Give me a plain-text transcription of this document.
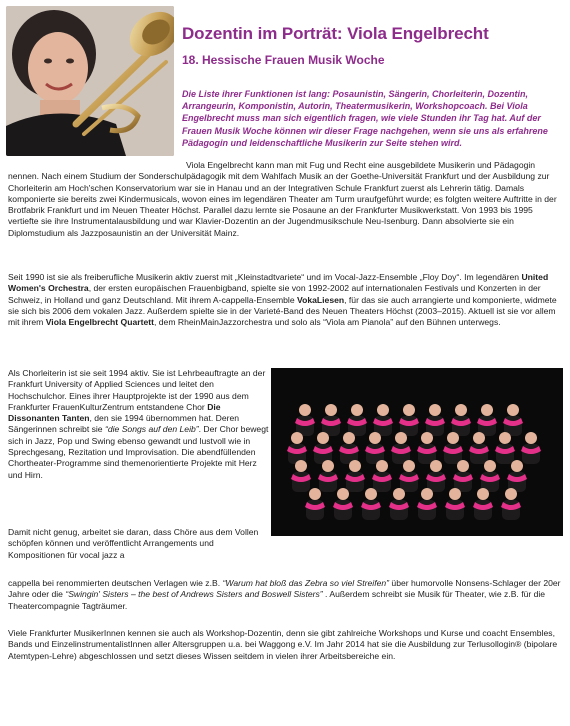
Dozentin im Porträt: Viola Engelbrecht
18. Hessische Frauen Musik Woche

Die Liste ihrer Funktionen ist lang: Posaunistin, Sängerin, Chorleiterin, Dozentin, Arrangeurin, Komponistin, Autorin, Theatermusikerin, Workshopcoach. Bei Viola Engelbrecht muss man sich eigentlich fragen, wie viele Stunden ihr Tag hat. Auf der Frauen Musik Woche können wir dieser Frage nachgehen, wenn sie uns als erfahrene Pädagogin und leidenschaftliche Musikerin zur Seite stehen wird.

Viola Engelbrecht kann man mit Fug und Recht eine ausgebildete Musikerin und Pädagogin nennen. Nach einem Studium der Sonderschulpädagogik mit dem Wahlfach Musik an der Goethe-Universität Frankfurt und der Ausbildung zur Chorleiterin am Hoch'schen Konservatorium war sie in Hanau und an der Integrativen Schule Frankfurt zuerst als Lehrerin tätig. Damals komponierte sie bereits zwei Kindermusicals, wovon eines im legendären Theater am Turm uraufgeführt wurde; es folgten weitere Auftritte in der Brotfabrik Frankfurt und im Neuen Theater Höchst. Parallel dazu lernte sie Posaune an der Frankfurter Musikwerkstatt. Von 1993 bis 1995 vertiefte sie ihre Instrumentalausbildung und war Klavier-Dozentin an der Jugendmusikschule Neu-Isenburg. Dann absolvierte sie ein Diplomstudium als Jazzposaunistin an der Universität Mainz.

Seit 1990 ist sie als freiberufliche Musikerin aktiv zuerst mit „Kleinstadtvariete“ und im Vocal-Jazz-Ensemble „Floy Doy“. Im legendären United Women's Orchestra, der ersten europäischen Frauenbigband, spielte sie von 1992-2002 auf internationalen Festivals und Konzerten in der Schweiz, in Holland und ganz Deutschland. Mit ihrem A-cappella-Ensemble VokaLiesen, für das sie auch arrangierte und komponierte, widmete sie sich bis 2006 dem vokalen Jazz. Außerdem spielte sie in der Varieté-Band des Neuen Theaters Höchst (2003–2015). Aktuell ist sie vor allem mit ihrem Viola Engelbrecht Quartett, dem RheinMainJazzorchestra und solo als “Viola am Pianola” auf den Bühnen unterwegs.

Als Chorleiterin ist sie seit 1994 aktiv. Sie ist Lehrbeauftragte an der Frankfurt University of Applied Sciences und leitet den Hochschulchor. Eines ihrer Hauptprojekte ist der 1990 aus dem Frankfurter FrauenKulturZentrum entstandene Chor Die Dissonanten Tanten, den sie 1994 übernommen hat. Deren Sängerinnen schreibt sie “die Songs auf den Leib”. Der Chor bewegt sich in Jazz, Pop und Swing ebenso gewandt und lustvoll wie in Sprechgesang, Rezitation und Improvisation. Die abendfüllenden Chortheater-Programme sind themenorientierte Projekte mit Herz und Hirn.

Damit nicht genug, arbeitet sie daran, dass Chöre aus dem Vollen schöpfen können und veröffentlicht Arrangements und Kompositionen für vocal jazz a

cappella bei renommierten deutschen Verlagen wie z.B. “Warum hat bloß das Zebra so viel Streifen” über humorvolle Nonsens-Schlager der 20er Jahre oder die “Swingin' Sisters – the best of Andrews Sisters and Boswell Sisters” . Außerdem schreibt sie Musik für Theater, wie z.B. für die Theatercompagnie Tagträumer.

Viele Frankfurter MusikerInnen kennen sie auch als Workshop-Dozentin, denn sie gibt zahlreiche Workshops und Kurse und coacht Ensembles, Bands und EinzelinstrumentalistInnen aller Altersgruppen u.a. bei Waggong e.V. Im Jahr 2014 hat sie die Ausbildung zur Terlusollogin® (bipolare Atemtypen-Lehre) abgeschlossen und setzt dieses Wissen seitdem in vielen ihrer Arbeitsbereiche ein.
